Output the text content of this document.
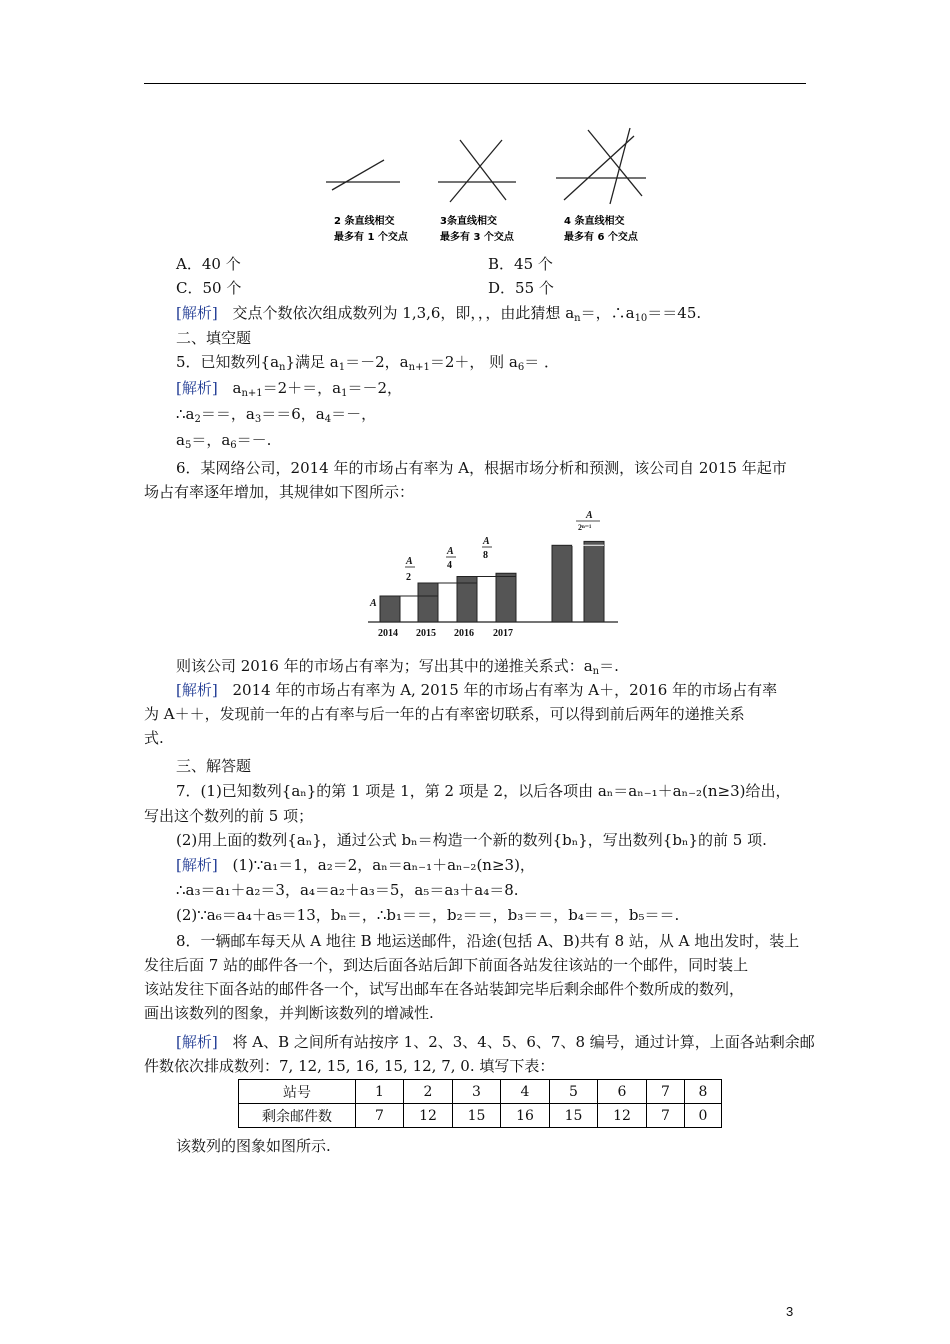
2 条直线相交
最多有 1 个交点
3条直线相交
最多有 3 个交点
4 条直线相交
最多有 6 个交点
A．40 个	B．45 个
C．50 个	D．55 个
[解析] 交点个数依次组成数列为 1,3,6，即，，，由此猜想 $a_n=$，$\therefore a_{10}==45$.
二、填空题
5．已知数列$\{a_n\}$满足 $a_1=-2$，$a_{n+1}=2+$， 则 $a_6=$ ．
[解析] $a_{n+1}=2+=$，$a_1=-2$，
$\therefore a_2==$，$a_3==6$，$a_4=-$，
$a_5=$，$a_6=-$.
6．某网络公司，2014 年的市场占有率为 A，根据市场分析和预测，该公司自 2015 年起市
场占有率逐年增加，其规律如下图所示：
A
A
2
A
4
A
8
A
2ⁿ⁻¹
2014 2015 2016 2017
则该公司 2016 年的市场占有率为；写出其中的递推关系式：$a_n=$.
[解析] 2014 年的市场占有率为 A, 2015 年的市场占有率为 A＋，2016 年的市场占有率
为 A＋＋，发现前一年的占有率与后一年的占有率密切联系，可以得到前后两年的递推关系
式.
三、解答题
7．(1)已知数列{aₙ}的第 1 项是 1，第 2 项是 2，以后各项由 aₙ＝aₙ₋₁＋aₙ₋₂(n≥3)给出，
写出这个数列的前 5 项；
(2)用上面的数列{aₙ}，通过公式 bₙ＝构造一个新的数列{bₙ}，写出数列{bₙ}的前 5 项.
[解析] (1)∵a₁＝1，a₂＝2，aₙ＝aₙ₋₁＋aₙ₋₂(n≥3)，
∴a₃＝a₁＋a₂＝3，a₄＝a₂＋a₃＝5，a₅＝a₃＋a₄＝8.
(2)∵a₆＝a₄＋a₅＝13，bₙ＝，∴b₁＝＝，b₂＝＝，b₃＝＝，b₄＝＝，b₅＝＝.
8．一辆邮车每天从 A 地往 B 地运送邮件，沿途(包括 A、B)共有 8 站，从 A 地出发时，装上
发往后面 7 站的邮件各一个，到达后面各站后卸下前面各站发往该站的一个邮件，同时装上
该站发往下面各站的邮件各一个，试写出邮车在各站装卸完毕后剩余邮件个数所成的数列，
画出该数列的图象，并判断该数列的增减性.
[解析] 将 A、B 之间所有站按序 1、2、3、4、5、6、7、8 编号，通过计算，上面各站剩余邮
件数依次排成数列：7, 12, 15, 16, 15, 12, 7, 0. 填写下表：
站号	1	2	3	4	5	6	7	8
剩余邮件数	7	12	15	16	15	12	7	0
该数列的图象如图所示.
3
